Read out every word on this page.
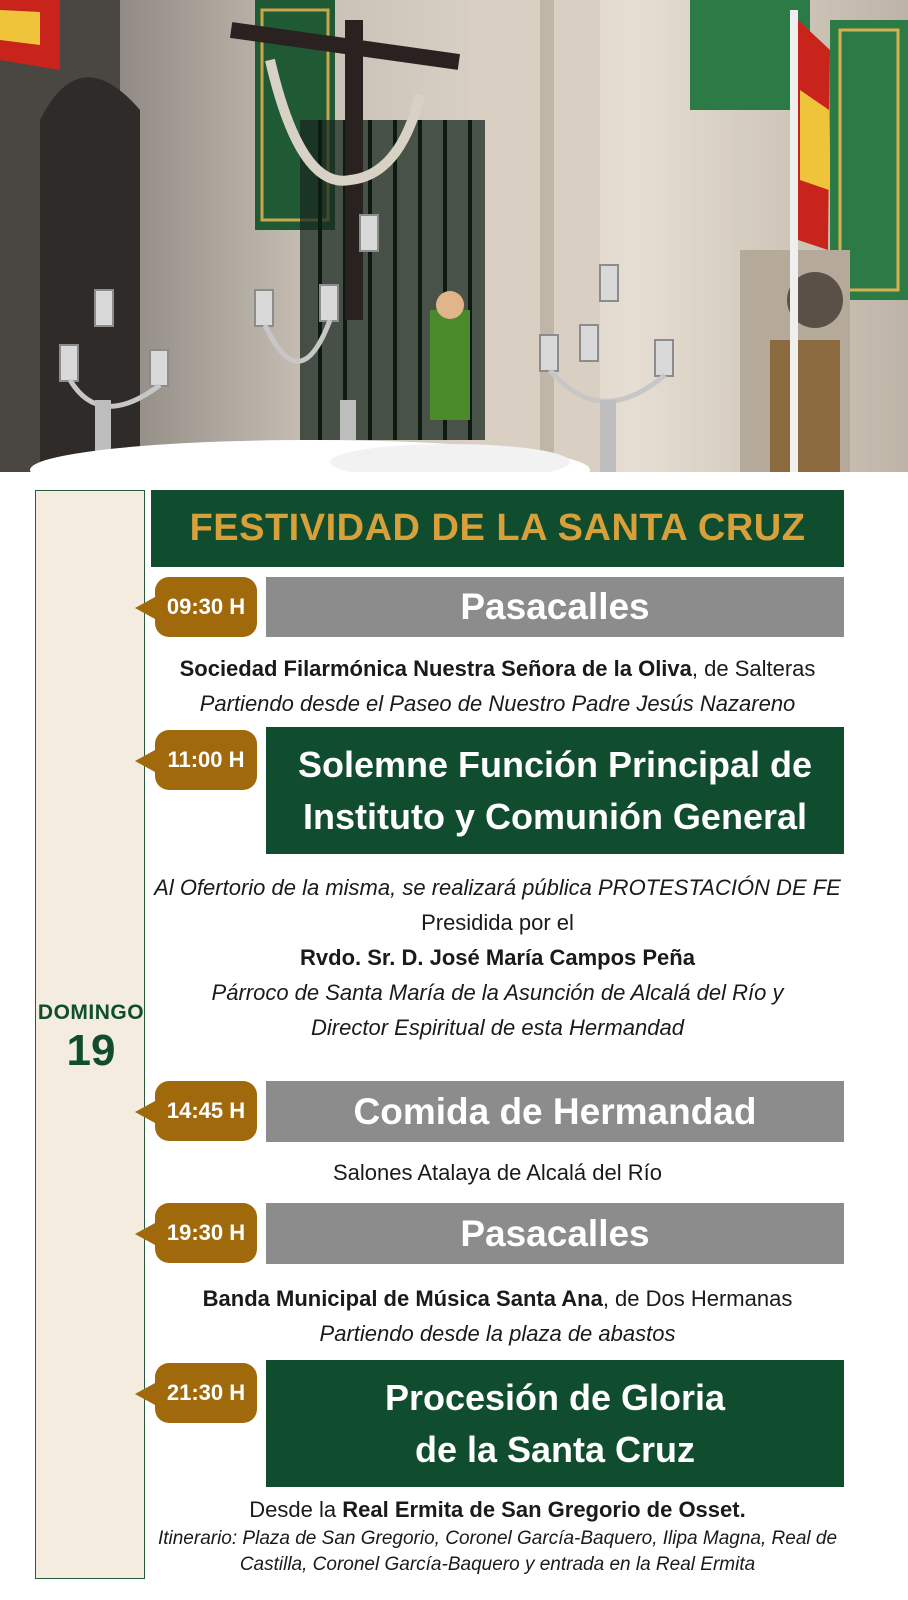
DOMINGO
19
FESTIVIDAD DE LA SANTA CRUZ
09:30 H	Pasacalles
Sociedad Filarmónica Nuestra Señora de la Oliva, de Salteras
Partiendo desde el Paseo de Nuestro Padre Jesús Nazareno
11:00 H Solemne Función Principal de
Instituto y Comunión General
Al Ofertorio de la misma, se realizará pública PROTESTACIÓN DE FE
Presidida por el
Rvdo. Sr. D. José María Campos Peña
Párroco de Santa María de la Asunción de Alcalá del Río y
Director Espiritual de esta Hermandad
14:45 H	Comida de Hermandad
Salones Atalaya de Alcalá del Río
19:30 H	Pasacalles
Banda Municipal de Música Santa Ana, de Dos Hermanas
Partiendo desde la plaza de abastos
21:30 H	Procesión de Gloria
de la Santa Cruz
Desde la Real Ermita de San Gregorio de Osset.
Itinerario: Plaza de San Gregorio, Coronel García-Baquero, Ilipa Magna, Real de
Castilla, Coronel García-Baquero y entrada en la Real Ermita
